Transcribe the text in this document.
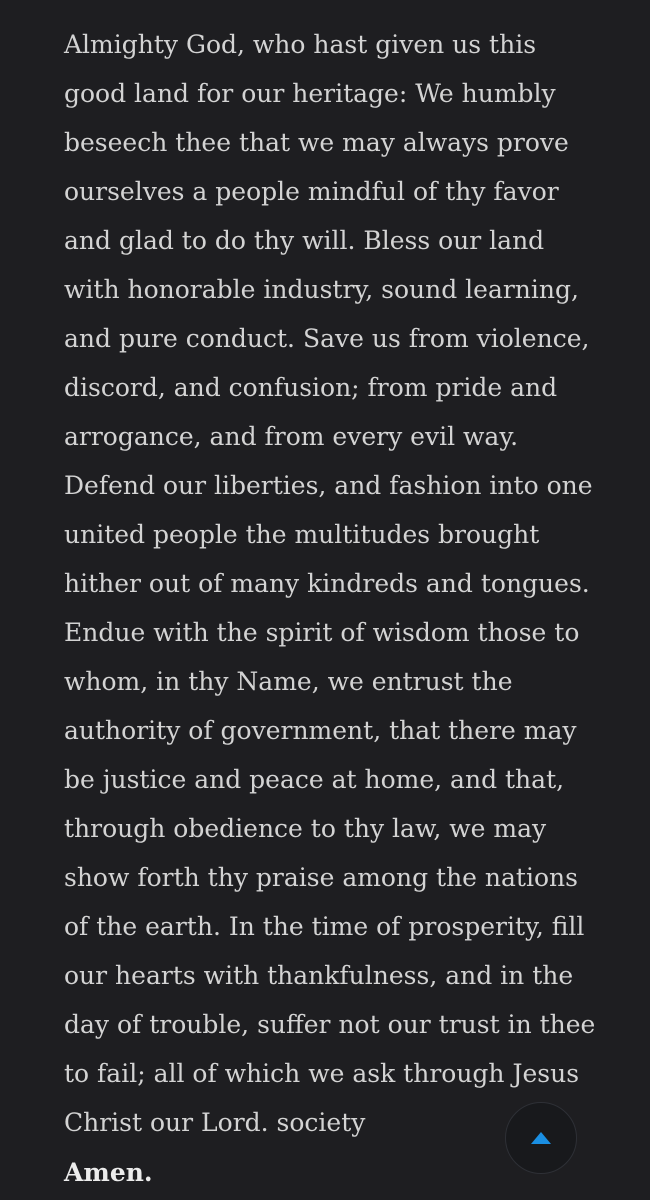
Almighty God, who hast given us this
good land for our heritage: We humbly
beseech thee that we may always prove
ourselves a people mindful of thy favor
and glad to do thy will. Bless our land
with honorable industry, sound learning,
and pure conduct. Save us from violence,
discord, and confusion; from pride and
arrogance, and from every evil way.
Defend our liberties, and fashion into one
united people the multitudes brought
hither out of many kindreds and tongues.
Endue with the spirit of wisdom those to
whom, in thy Name, we entrust the
authority of government, that there may
be justice and peace at home, and that,
through obedience to thy law, we may
show forth thy praise among the nations
of the earth. In the time of prosperity, fill
our hearts with thankfulness, and in the
day of trouble, suffer not our trust in thee
to fail; all of which we ask through Jesus
Christ our Lord. society

Amen.
